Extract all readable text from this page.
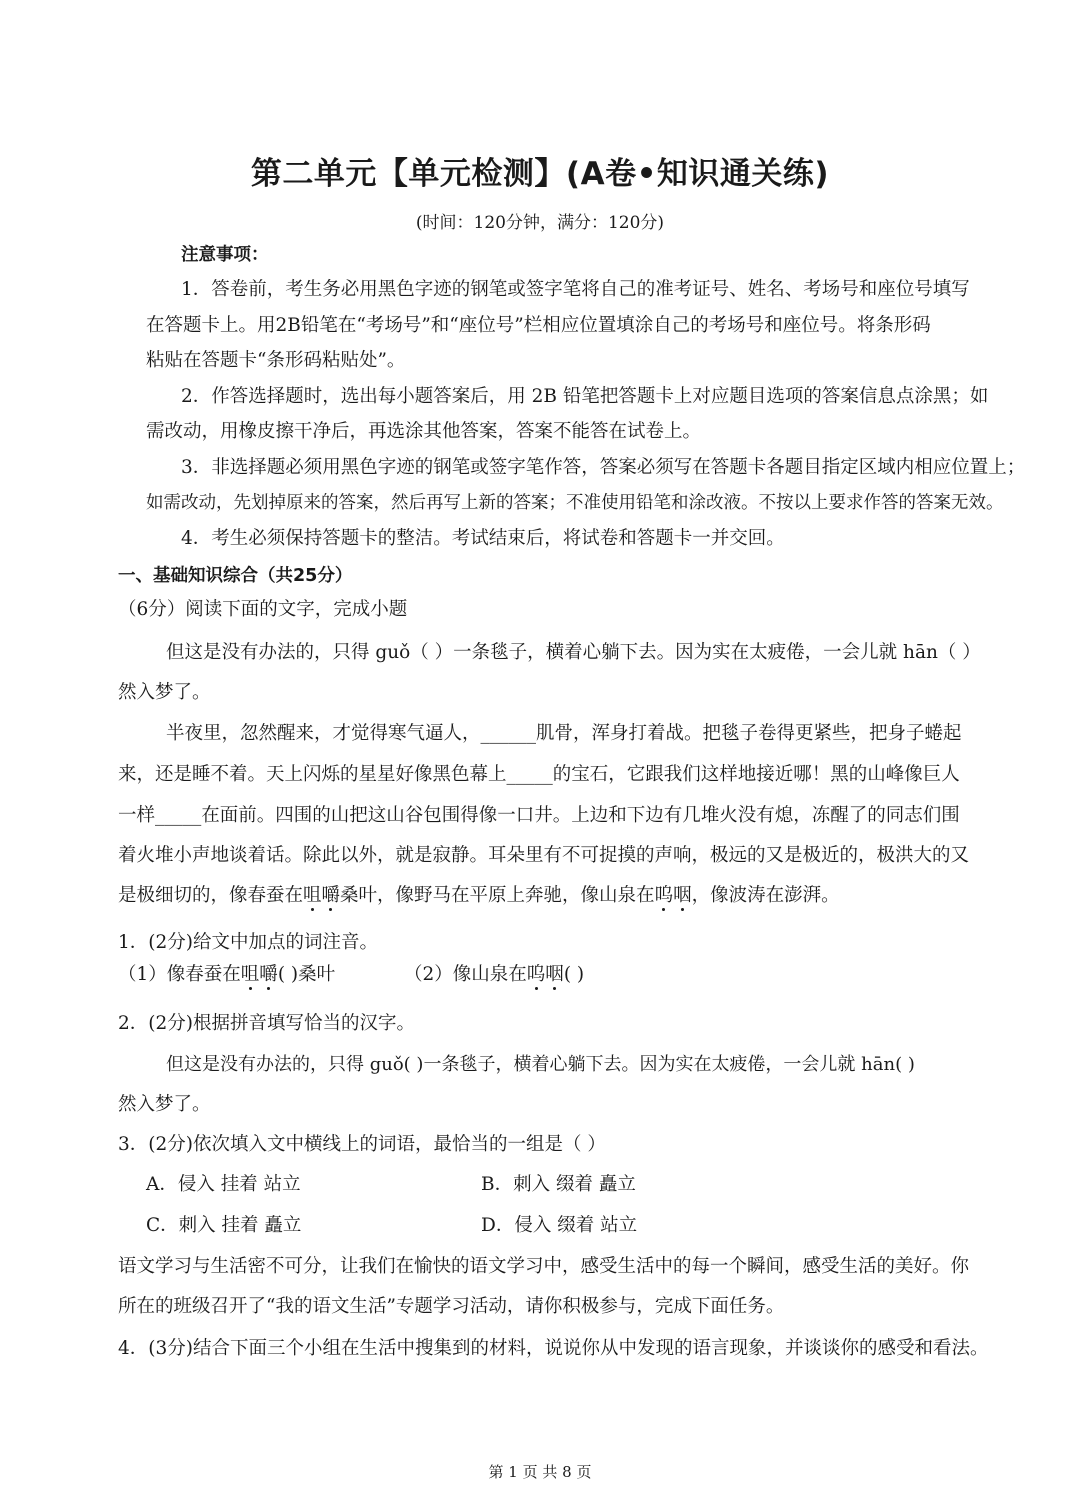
第二单元【单元检测】(A卷•知识通关练)
(时间：120分钟，满分：120分)
注意事项：
1．答卷前，考生务必用黑色字迹的钢笔或签字笔将自己的准考证号、姓名、考场号和座位号填写
在答题卡上。用2B铅笔在“考场号”和“座位号”栏相应位置填涂自己的考场号和座位号。将条形码
粘贴在答题卡“条形码粘贴处”。
2．作答选择题时，选出每小题答案后，用 2B 铅笔把答题卡上对应题目选项的答案信息点涂黑；如
需改动，用橡皮擦干净后，再选涂其他答案，答案不能答在试卷上。
3．非选择题必须用黑色字迹的钢笔或签字笔作答，答案必须写在答题卡各题目指定区域内相应位置上；
如需改动，先划掉原来的答案，然后再写上新的答案；不准使用铅笔和涂改液。不按以上要求作答的答案无效。
4．考生必须保持答题卡的整洁。考试结束后，将试卷和答题卡一并交回。
一、基础知识综合（共25分）
（6分）阅读下面的文字，完成小题
但这是没有办法的，只得 guǒ（ ）一条毯子，横着心躺下去。因为实在太疲倦，一会儿就 hān（ ）
然入梦了。
半夜里，忽然醒来，才觉得寒气逼人，______肌骨，浑身打着战。把毯子卷得更紧些，把身子蜷起
来，还是睡不着。天上闪烁的星星好像黑色幕上_____的宝石，它跟我们这样地接近哪！黑的山峰像巨人
一样_____在面前。四围的山把这山谷包围得像一口井。上边和下边有几堆火没有熄，冻醒了的同志们围
着火堆小声地谈着话。除此以外，就是寂静。耳朵里有不可捉摸的声响，极远的又是极近的，极洪大的又
是极细切的，像春蚕在咀嚼桑叶，像野马在平原上奔驰，像山泉在呜咽，像波涛在澎湃。
1．(2分)给文中加点的词注音。
（1）像春蚕在咀嚼( )桑叶	（2）像山泉在呜咽( )
2．(2分)根据拼音填写恰当的汉字。
但这是没有办法的，只得 guǒ( )一条毯子，横着心躺下去。因为实在太疲倦，一会儿就 hān( )
然入梦了。
3．(2分)依次填入文中横线上的词语，最恰当的一组是（ ）
A．侵入 挂着 站立	B．刺入 缀着 矗立
C．刺入 挂着 矗立	D．侵入 缀着 站立
语文学习与生活密不可分，让我们在愉快的语文学习中，感受生活中的每一个瞬间，感受生活的美好。你
所在的班级召开了“我的语文生活”专题学习活动，请你积极参与，完成下面任务。
4．(3分)结合下面三个小组在生活中搜集到的材料，说说你从中发现的语言现象，并谈谈你的感受和看法。
第 1 页 共 8 页
